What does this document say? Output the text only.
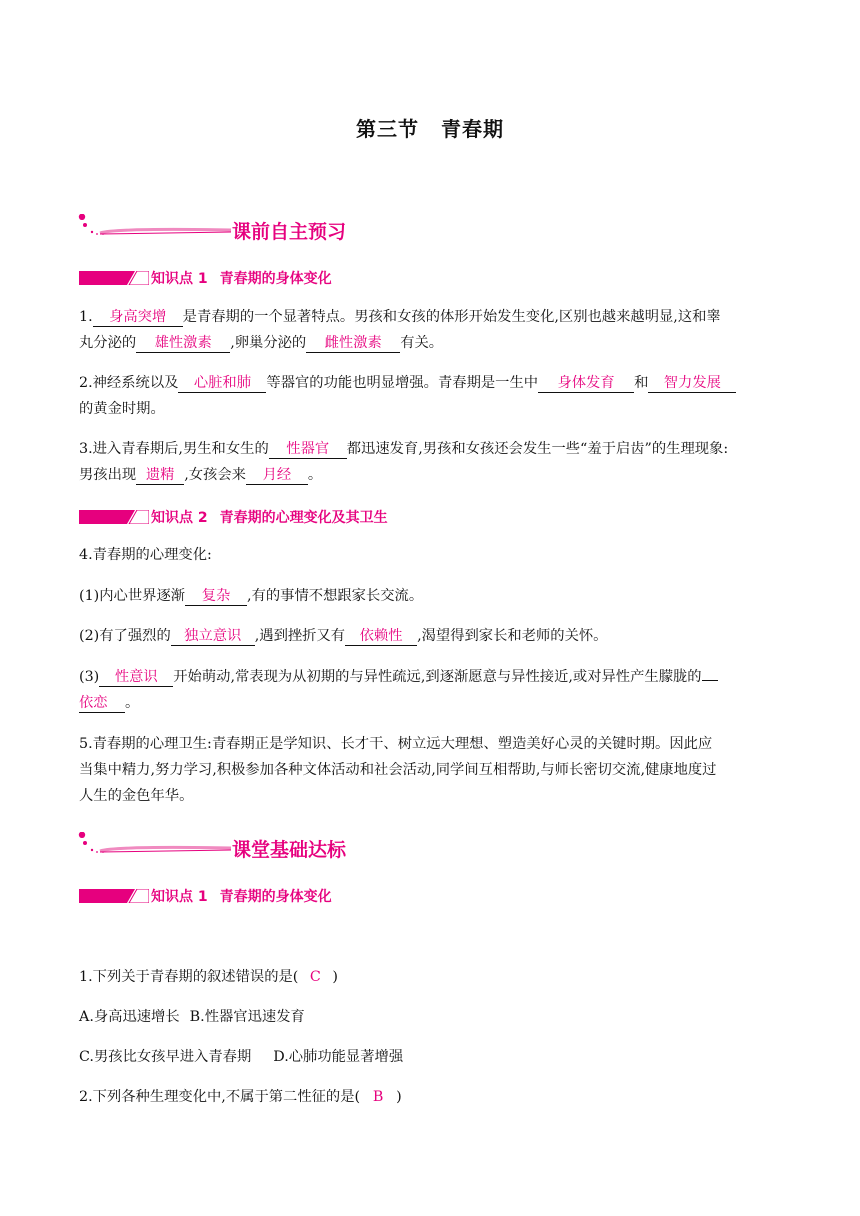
第三节 青春期
课前自主预习
知识点 1 青春期的身体变化
1. 身高突增 是青春期的一个显著特点。男孩和女孩的体形开始发生变化,区别也越来越明显,这和睾
丸分泌的 雄性激素 ,卵巢分泌的 雌性激素 有关。
2.神经系统以及 心脏和肺 等器官的功能也明显增强。青春期是一生中 身体发育 和 智力发展
的黄金时期。
3.进入青春期后,男生和女生的 性器官 都迅速发育,男孩和女孩还会发生一些“羞于启齿”的生理现象:
男孩出现 遗精 ,女孩会来 月经 。
知识点 2 青春期的心理变化及其卫生
4.青春期的心理变化:
(1)内心世界逐渐 复杂 ,有的事情不想跟家长交流。
(2)有了强烈的 独立意识 ,遇到挫折又有 依赖性 ,渴望得到家长和老师的关怀。
(3) 性意识 开始萌动,常表现为从初期的与异性疏远,到逐渐愿意与异性接近,或对异性产生朦胧的
依恋 。
5.青春期的心理卫生:青春期正是学知识、长才干、树立远大理想、塑造美好心灵的关键时期。因此应
当集中精力,努力学习,积极参加各种文体活动和社会活动,同学间互相帮助,与师长密切交流,健康地度过
人生的金色年华。
课堂基础达标
知识点 1 青春期的身体变化
1.下列关于青春期的叙述错误的是( C )
A.身高迅速增长 B.性器官迅速发育
C.男孩比女孩早进入青春期 D.心肺功能显著增强
2.下列各种生理变化中,不属于第二性征的是( B )
